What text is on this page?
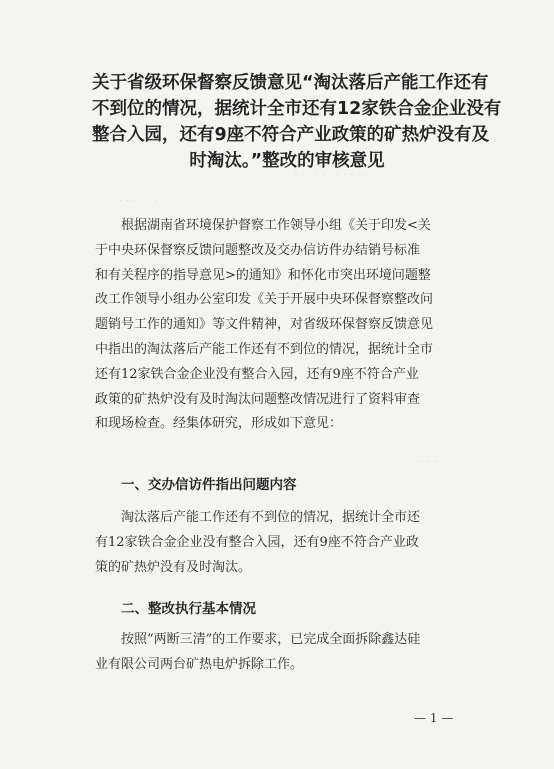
· · · · · · · · · · ·
· · · · · · · ·
· · ·
关于省级环保督察反馈意见“淘汰落后产能工作还有
不到位的情况，据统计全市还有12家铁合金企业没有
整合入园，还有9座不符合产业政策的矿热炉没有及
时淘汰。”整改的审核意见
根据湖南省环境保护督察工作领导小组《关于印发<关
于中央环保督察反馈问题整改及交办信访件办结销号标准
和有关程序的指导意见>的通知》和怀化市突出环境问题整
改工作领导小组办公室印发《关于开展中央环保督察整改问
题销号工作的通知》等文件精神，对省级环保督察反馈意见
中指出的淘汰落后产能工作还有不到位的情况，据统计全市
还有12家铁合金企业没有整合入园，还有9座不符合产业
政策的矿热炉没有及时淘汰问题整改情况进行了资料审查
和现场检查。经集体研究，形成如下意见：
一、交办信访件指出问题内容
淘汰落后产能工作还有不到位的情况，据统计全市还
有12家铁合金企业没有整合入园，还有9座不符合产业政
策的矿热炉没有及时淘汰。
二、整改执行基本情况
按照“两断三清”的工作要求，已完成全面拆除鑫达硅
业有限公司两台矿热电炉拆除工作。
— 1 —
